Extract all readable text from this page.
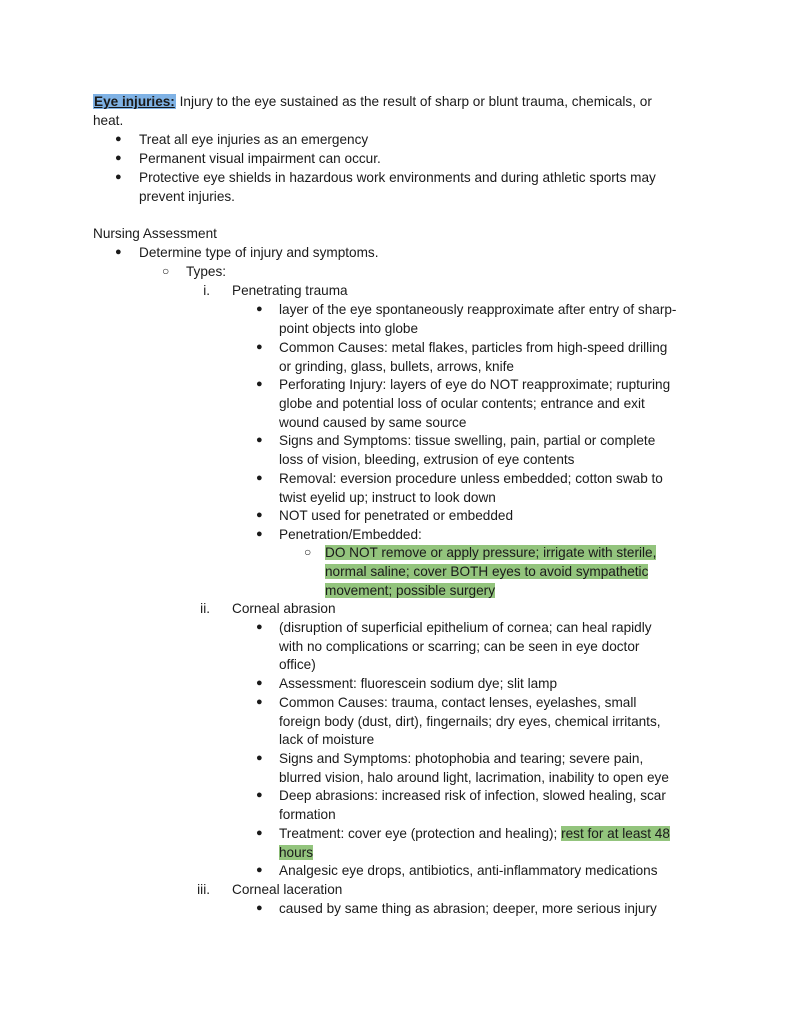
Eye injuries: Injury to the eye sustained as the result of sharp or blunt trauma, chemicals, or
heat.
● Treat all eye injuries as an emergency
● Permanent visual impairment can occur.
● Protective eye shields in hazardous work environments and during athletic sports may
prevent injuries.
Nursing Assessment
● Determine type of injury and symptoms.
○ Types:
i. Penetrating trauma
● layer of the eye spontaneously reapproximate after entry of sharp-
point objects into globe
● Common Causes: metal flakes, particles from high-speed drilling
or grinding, glass, bullets, arrows, knife
● Perforating Injury: layers of eye do NOT reapproximate; rupturing
globe and potential loss of ocular contents; entrance and exit
wound caused by same source
● Signs and Symptoms: tissue swelling, pain, partial or complete
loss of vision, bleeding, extrusion of eye contents
● Removal: eversion procedure unless embedded; cotton swab to
twist eyelid up; instruct to look down
● NOT used for penetrated or embedded
● Penetration/Embedded:
○ DO NOT remove or apply pressure; irrigate with sterile,
normal saline; cover BOTH eyes to avoid sympathetic
movement; possible surgery
ii. Corneal abrasion
● (disruption of superficial epithelium of cornea; can heal rapidly
with no complications or scarring; can be seen in eye doctor
office)
● Assessment: fluorescein sodium dye; slit lamp
● Common Causes: trauma, contact lenses, eyelashes, small
foreign body (dust, dirt), fingernails; dry eyes, chemical irritants,
lack of moisture
● Signs and Symptoms: photophobia and tearing; severe pain,
blurred vision, halo around light, lacrimation, inability to open eye
● Deep abrasions: increased risk of infection, slowed healing, scar
formation
● Treatment: cover eye (protection and healing); rest for at least 48
hours
● Analgesic eye drops, antibiotics, anti-inflammatory medications
iii. Corneal laceration
● caused by same thing as abrasion; deeper, more serious injury
